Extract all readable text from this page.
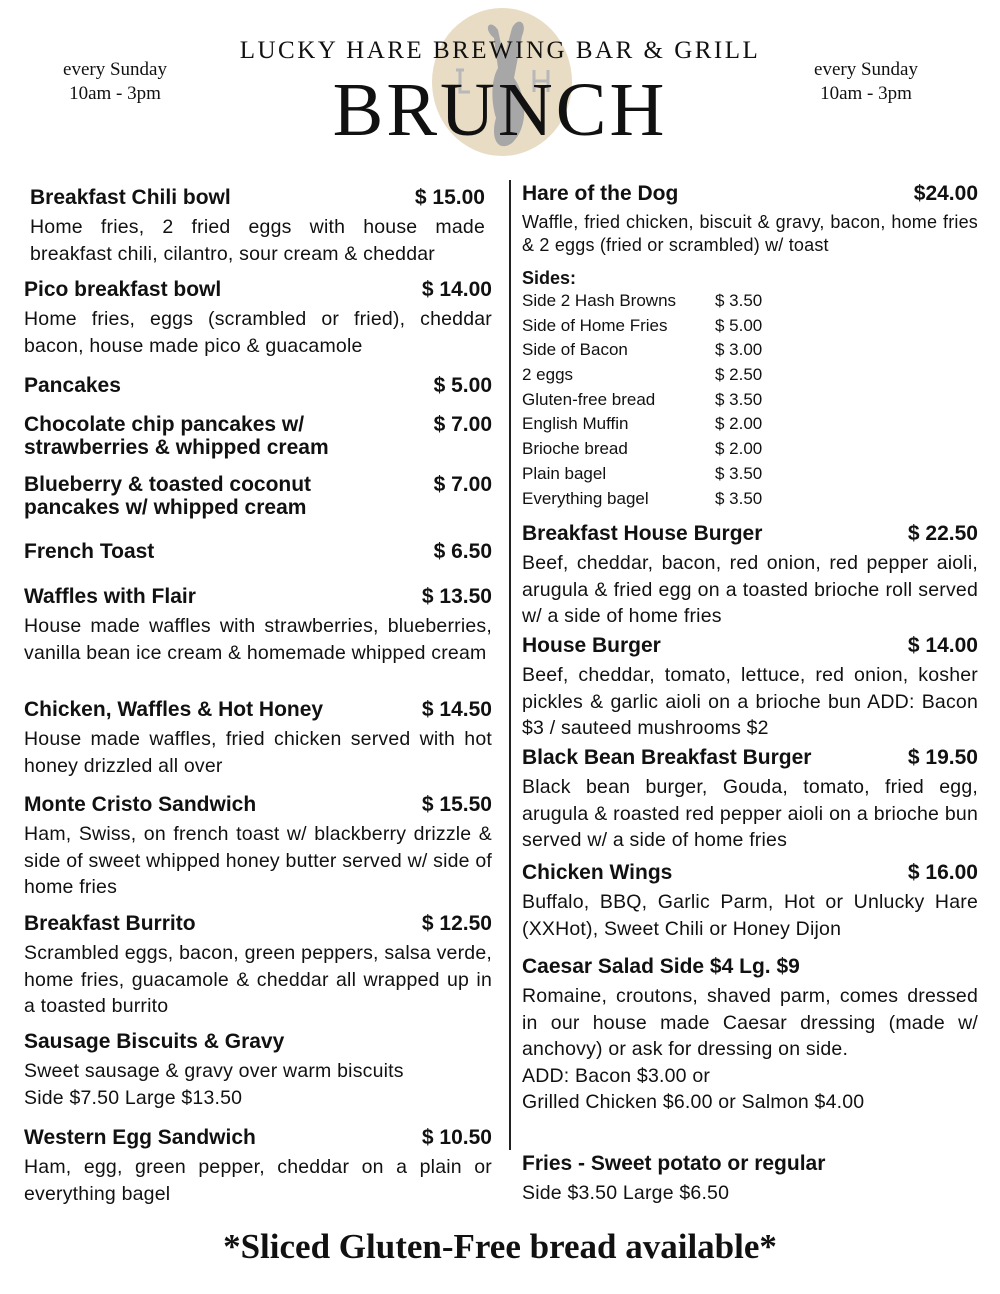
every Sunday
10am - 3pm
every Sunday
10am - 3pm
LUCKY HARE BREWING BAR & GRILL
BRUNCH
Breakfast Chili bowl	$ 15.00
Home fries, 2 fried eggs with house made breakfast chili, cilantro, sour cream & cheddar
Pico breakfast bowl	$ 14.00
Home fries, eggs (scrambled or fried), cheddar bacon, house made pico & guacamole
Pancakes	$ 5.00
Chocolate chip pancakes w/
strawberries & whipped cream
$ 7.00
Blueberry & toasted coconut
pancakes w/ whipped cream
$ 7.00
French Toast	$ 6.50
Waffles with Flair	$ 13.50
House made waffles with strawberries, blueberries, vanilla bean ice cream & homemade whipped cream
Chicken, Waffles & Hot Honey	$ 14.50
House made waffles, fried chicken served with hot honey drizzled all over
Monte Cristo Sandwich	$ 15.50
Ham, Swiss, on french toast w/ blackberry drizzle & side of sweet whipped honey butter served w/ side of home fries
Breakfast Burrito	$ 12.50
Scrambled eggs, bacon, green peppers, salsa verde, home fries, guacamole & cheddar all wrapped up in a toasted burrito
Sausage Biscuits & Gravy
Sweet sausage & gravy over warm biscuits
Side $7.50 Large $13.50
Western Egg Sandwich	$ 10.50
Ham, egg, green pepper, cheddar on a plain or everything bagel
Hare of the Dog	$24.00
Waffle, fried chicken, biscuit & gravy, bacon, home fries & 2 eggs (fried or scrambled) w/ toast
Breakfast House Burger	$ 22.50
Beef, cheddar, bacon, red onion, red pepper aioli, arugula & fried egg on a toasted brioche roll served w/ a side of home fries
House Burger	$ 14.00
Beef, cheddar, tomato, lettuce, red onion, kosher pickles & garlic aioli on a brioche bun ADD: Bacon $3 / sauteed mushrooms $2
Black Bean Breakfast Burger	$ 19.50
Black bean burger, Gouda, tomato, fried egg, arugula & roasted red pepper aioli on a brioche bun served w/ a side of home fries
Chicken Wings	$ 16.00
Buffalo, BBQ, Garlic Parm, Hot or Unlucky Hare (XXHot), Sweet Chili or Honey Dijon
Caesar Salad Side $4 Lg. $9
Romaine, croutons, shaved parm, comes dressed in our house made Caesar dressing (made w/ anchovy) or ask for dressing on side.
ADD: Bacon $3.00 or
Grilled Chicken $6.00 or Salmon $4.00
Fries - Sweet potato or regular
Side $3.50 Large $6.50
Sides:
Side 2 Hash Browns	$ 3.50
Side of Home Fries	$ 5.00
Side of Bacon	$ 3.00
2 eggs	$ 2.50
Gluten-free bread	$ 3.50
English Muffin	$ 2.00
Brioche bread	$ 2.00
Plain bagel	$ 3.50
Everything bagel	$ 3.50
*Sliced Gluten-Free bread available*
